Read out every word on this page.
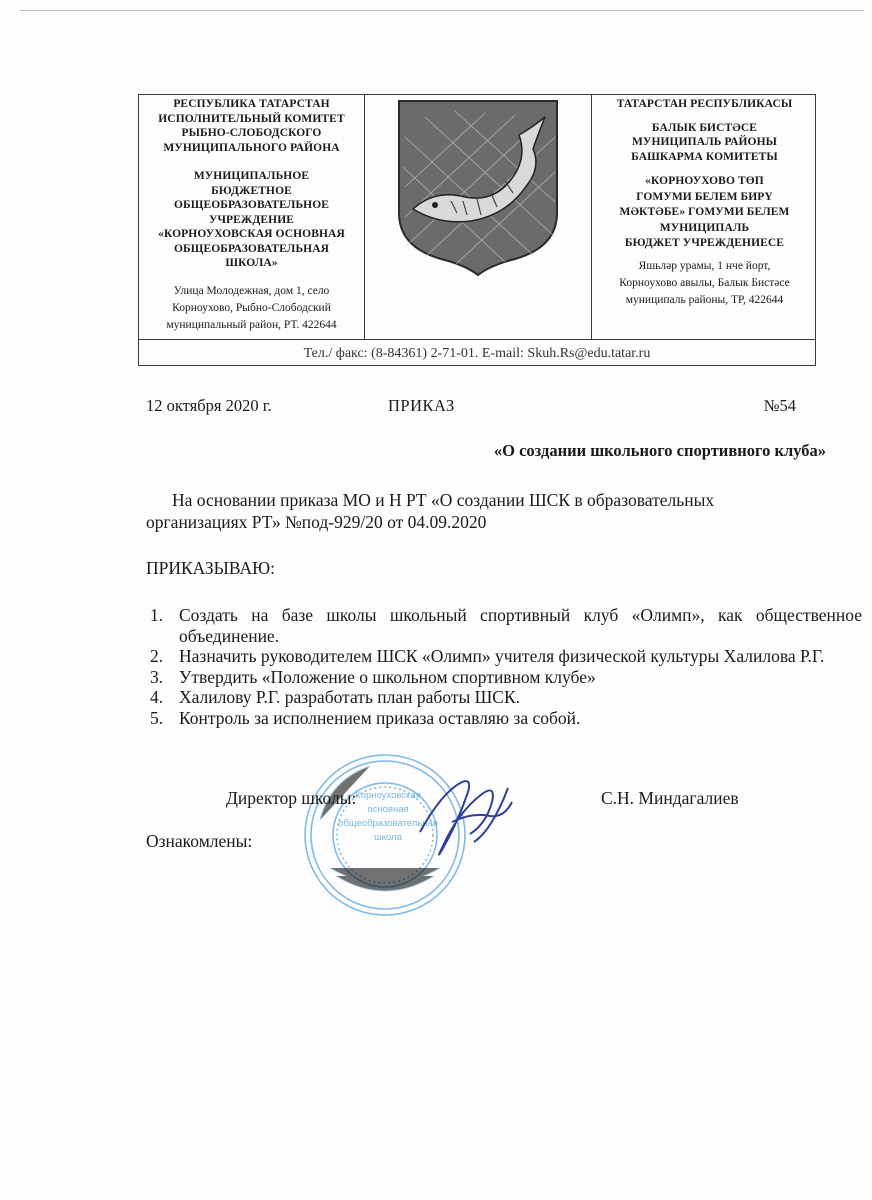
РЕСПУБЛИКА ТАТАРСТАН
ИСПОЛНИТЕЛЬНЫЙ КОМИТЕТ
РЫБНО-СЛОБОДСКОГО
МУНИЦИПАЛЬНОГО РАЙОНА
МУНИЦИПАЛЬНОЕ
БЮДЖЕТНОЕ
ОБЩЕОБРАЗОВАТЕЛЬНОЕ
УЧРЕЖДЕНИЕ
«КОРНОУХОВСКАЯ ОСНОВНАЯ
ОБЩЕОБРАЗОВАТЕЛЬНАЯ
ШКОЛА»
Улица Молодежная, дом 1, село
Корноухово, Рыбно-Слободский
муниципальный район, РТ. 422644
ТАТАРСТАН РЕСПУБЛИКАСЫ
БАЛЫК БИСТӘСЕ
МУНИЦИПАЛЬ РАЙОНЫ
БАШКАРМА КОМИТЕТЫ
«КОРНОУХОВО ТӨП
ГОМУМИ БЕЛЕМ БИРҮ
МӘКТӘБЕ» ГОМУМИ БЕЛЕМ
МУНИЦИПАЛЬ
БЮДЖЕТ УЧРЕЖДЕНИЕСЕ
Яшьләр урамы, 1 нче йорт,
Корноухово авылы, Балык Бистәсе
муниципаль районы, ТР, 422644
Тел./ факс: (8-84361) 2-71-01. E-mail: Skuh.Rs@edu.tatar.ru
12 октября 2020 г.	ПРИКАЗ	№54
«О создании школьного спортивного клуба»
На основании приказа МО и Н РТ «О создании ШСК в образовательных
организациях РТ» №под-929/20 от 04.09.2020
ПРИКАЗЫВАЮ:
1. Создать на базе школы школьный спортивный клуб «Олимп», как общественное объединение.
2. Назначить руководителем ШСК «Олимп» учителя физической культуры Халилова Р.Г.
3. Утвердить «Положение о школьном спортивном клубе»
4. Халилову Р.Г. разработать план работы ШСК.
5. Контроль за исполнением приказа оставляю за собой.
Корноуховская
основная
общеобразовательная
школа
Директор школы:	С.Н. Миндагалиев
Ознакомлены:
